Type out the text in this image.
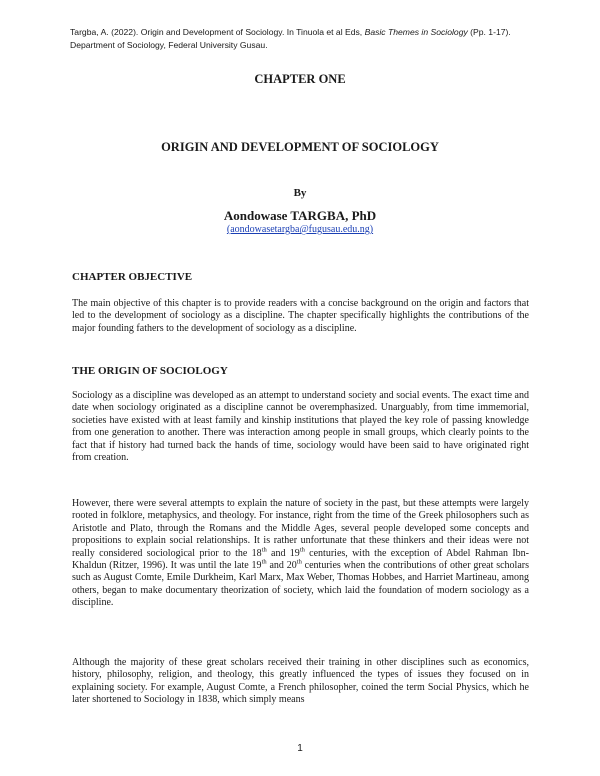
Targba, A. (2022). Origin and Development of Sociology. In Tinuola et al Eds, Basic Themes in Sociology (Pp. 1-17).
Department of Sociology, Federal University Gusau.
CHAPTER ONE
ORIGIN AND DEVELOPMENT OF SOCIOLOGY
By
Aondowase TARGBA, PhD
(aondowasetargba@fugusau.edu.ng)
CHAPTER OBJECTIVE
The main objective of this chapter is to provide readers with a concise background on the origin and factors that led to the development of sociology as a discipline. The chapter specifically highlights the contributions of the major founding fathers to the development of sociology as a discipline.
THE ORIGIN OF SOCIOLOGY
Sociology as a discipline was developed as an attempt to understand society and social events. The exact time and date when sociology originated as a discipline cannot be overemphasized. Unarguably, from time immemorial, societies have existed with at least family and kinship institutions that played the key role of passing knowledge from one generation to another. There was interaction among people in small groups, which clearly points to the fact that if history had turned back the hands of time, sociology would have been said to have originated right from creation.
However, there were several attempts to explain the nature of society in the past, but these attempts were largely rooted in folklore, metaphysics, and theology. For instance, right from the time of the Greek philosophers such as Aristotle and Plato, through the Romans and the Middle Ages, several people developed some concepts and propositions to explain social relationships. It is rather unfortunate that these thinkers and their ideas were not really considered sociological prior to the 18th and 19th centuries, with the exception of Abdel Rahman Ibn-Khaldun (Ritzer, 1996). It was until the late 19th and 20th centuries when the contributions of other great scholars such as August Comte, Emile Durkheim, Karl Marx, Max Weber, Thomas Hobbes, and Harriet Martineau, among others, began to make documentary theorization of society, which laid the foundation of modern sociology as a discipline.
Although the majority of these great scholars received their training in other disciplines such as economics, history, philosophy, religion, and theology, this greatly influenced the types of issues they focused on in explaining society. For example, August Comte, a French philosopher, coined the term Social Physics, which he later shortened to Sociology in 1838, which simply means
1
